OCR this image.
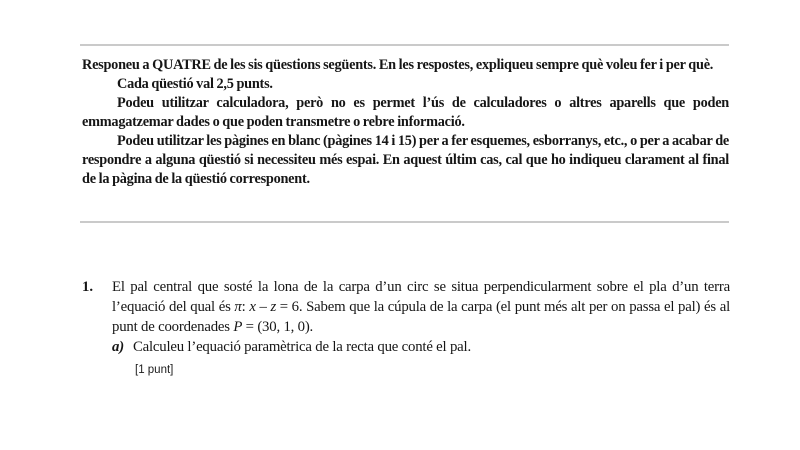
Responeu a QUATRE de les sis qüestions següents. En les respostes, expliqueu sempre què voleu fer i per què.

Cada qüestió val 2,5 punts.

Podeu utilitzar calculadora, però no es permet l’ús de calculadores o altres aparells que poden emmagatzemar dades o que poden transmetre o rebre informació.

Podeu utilitzar les pàgines en blanc (pàgines 14 i 15) per a fer esquemes, esborranys, etc., o per a acabar de respondre a alguna qüestió si necessiteu més espai. En aquest últim cas, cal que ho indiqueu clarament al final de la pàgina de la qüestió corresponent.

1. El pal central que sosté la lona de la carpa d’un circ se situa perpendicularment sobre el pla d’un terra l’equació del qual és π: x – z = 6. Sabem que la cúpula de la carpa (el punt més alt per on passa el pal) és al punt de coordenades P = (30, 1, 0).

a) Calculeu l’equació paramètrica de la recta que conté el pal.
[1 punt]
